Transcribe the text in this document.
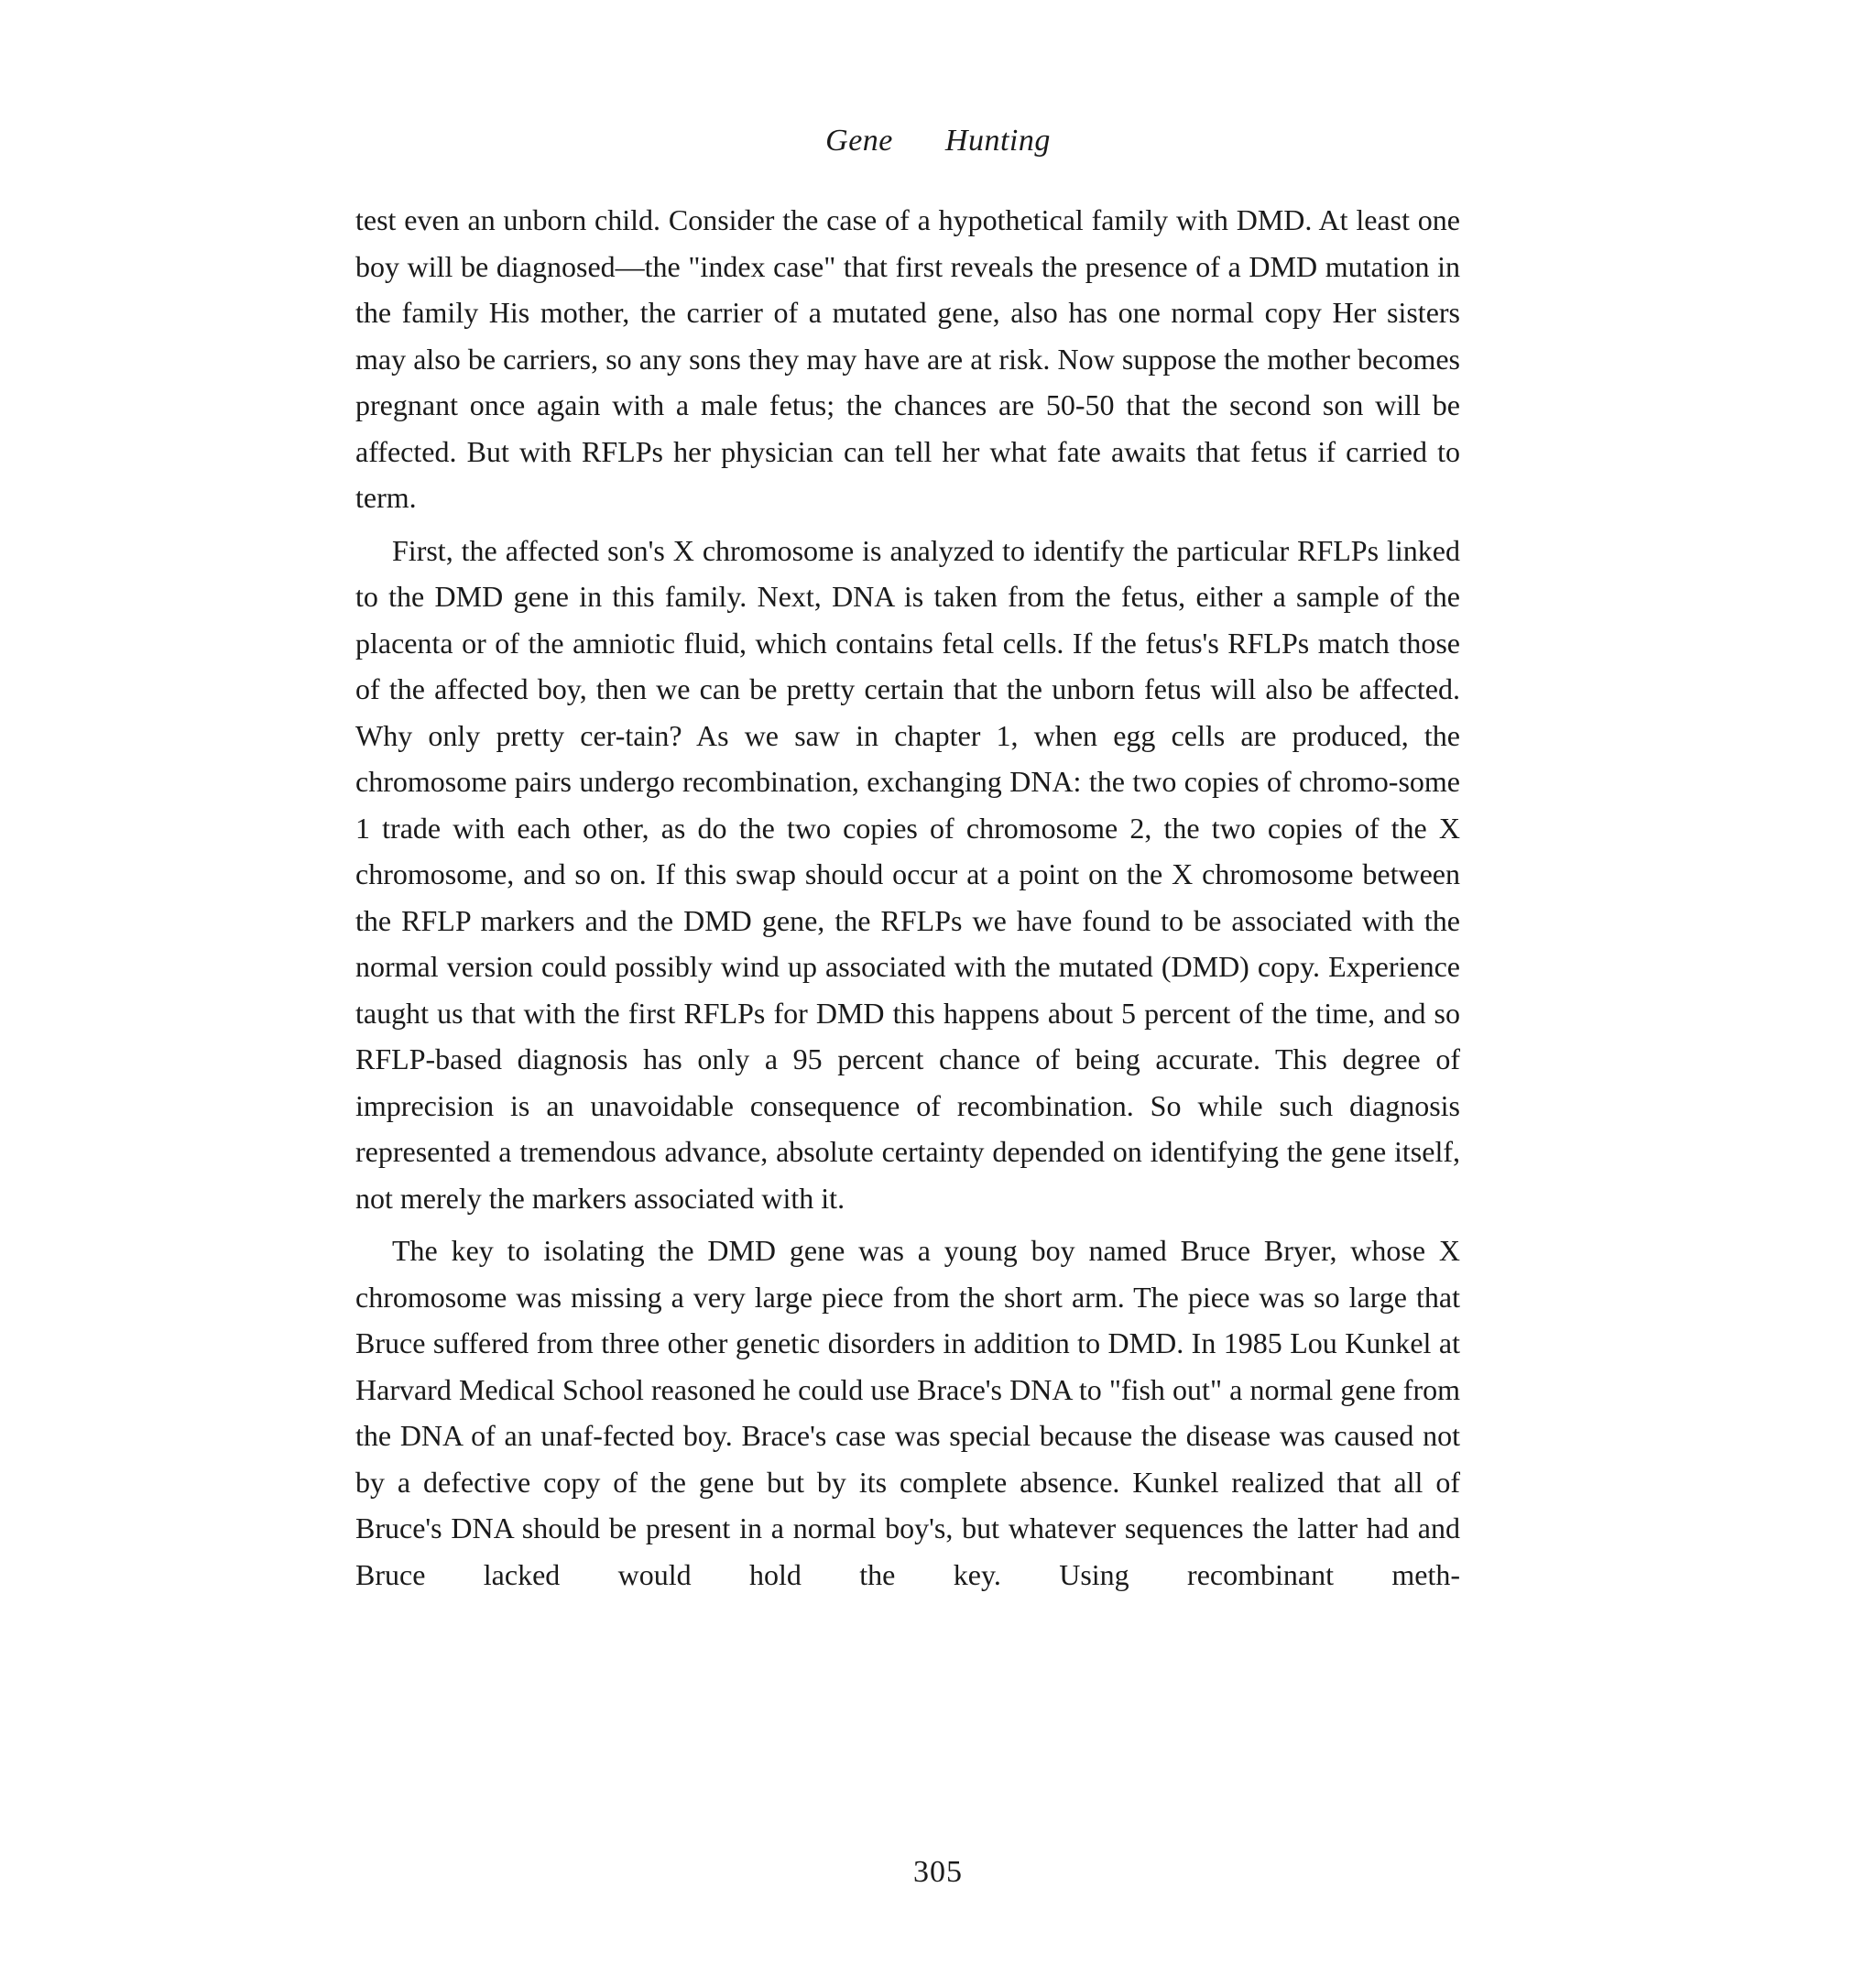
Gene Hunting

test even an unborn child. Consider the case of a hypothetical family with DMD. At least one boy will be diagnosed—the "index case" that first reveals the presence of a DMD mutation in the family His mother, the carrier of a mutated gene, also has one normal copy Her sisters may also be carriers, so any sons they may have are at risk. Now suppose the mother becomes pregnant once again with a male fetus; the chances are 50-50 that the second son will be affected. But with RFLPs her physician can tell her what fate awaits that fetus if carried to term.

First, the affected son's X chromosome is analyzed to identify the particular RFLPs linked to the DMD gene in this family. Next, DNA is taken from the fetus, either a sample of the placenta or of the amniotic fluid, which contains fetal cells. If the fetus's RFLPs match those of the affected boy, then we can be pretty certain that the unborn fetus will also be affected. Why only pretty cer-tain? As we saw in chapter 1, when egg cells are produced, the chromosome pairs undergo recombination, exchanging DNA: the two copies of chromo-some 1 trade with each other, as do the two copies of chromosome 2, the two copies of the X chromosome, and so on. If this swap should occur at a point on the X chromosome between the RFLP markers and the DMD gene, the RFLPs we have found to be associated with the normal version could possibly wind up associated with the mutated (DMD) copy. Experience taught us that with the first RFLPs for DMD this happens about 5 percent of the time, and so RFLP-based diagnosis has only a 95 percent chance of being accurate. This degree of imprecision is an unavoidable consequence of recombination. So while such diagnosis represented a tremendous advance, absolute certainty depended on identifying the gene itself, not merely the markers associated with it.

The key to isolating the DMD gene was a young boy named Bruce Bryer, whose X chromosome was missing a very large piece from the short arm. The piece was so large that Bruce suffered from three other genetic disorders in addition to DMD. In 1985 Lou Kunkel at Harvard Medical School reasoned he could use Brace's DNA to "fish out" a normal gene from the DNA of an unaf-fected boy. Brace's case was special because the disease was caused not by a defective copy of the gene but by its complete absence. Kunkel realized that all of Bruce's DNA should be present in a normal boy's, but whatever sequences the latter had and Bruce lacked would hold the key. Using recombinant meth-

305
